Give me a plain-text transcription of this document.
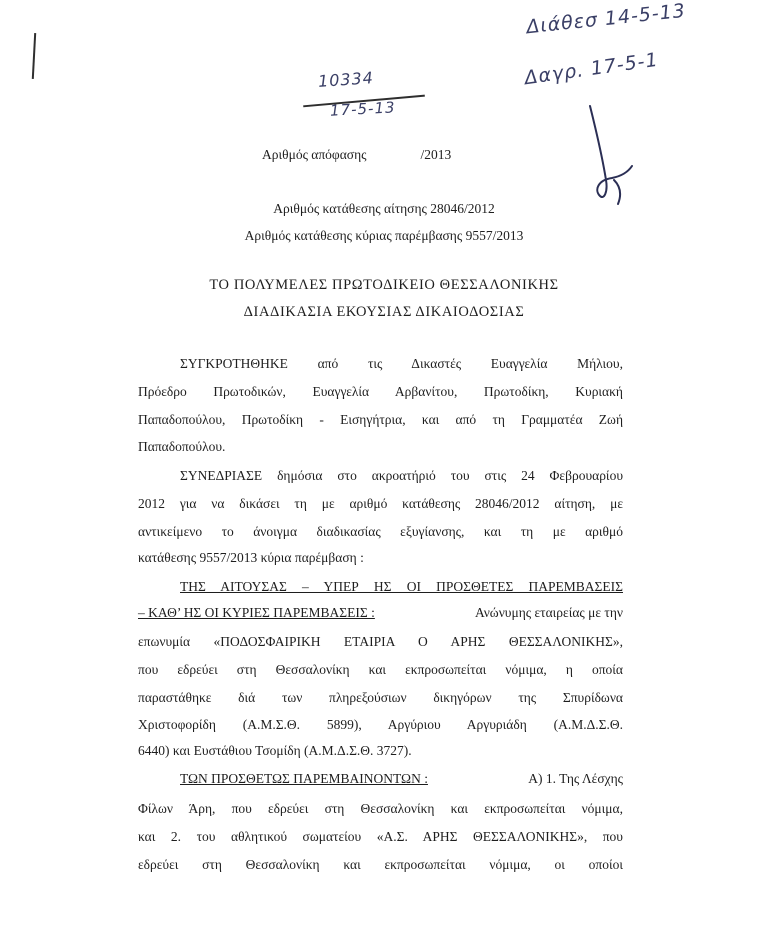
10334
17-5-13
Διάθεσ 14-5-13
Δαγρ. 17-5-1
Αριθμός απόφασης                /2013
Αριθμός κατάθεσης αίτησης 28046/2012
Αριθμός κατάθεσης κύριας παρέμβασης 9557/2013
ΤΟ ΠΟΛΥΜΕΛΕΣ ΠΡΩΤΟΔΙΚΕΙΟ ΘΕΣΣΑΛΟΝΙΚΗΣ
ΔΙΑΔΙΚΑΣΙΑ ΕΚΟΥΣΙΑΣ ΔΙΚΑΙΟΔΟΣΙΑΣ
ΣΥΓΚΡΟΤΗΘΗΚΕ από τις Δικαστές Ευαγγελία Μήλιου,
Πρόεδρο Πρωτοδικών, Ευαγγελία Αρβανίτου, Πρωτοδίκη, Κυριακή
Παπαδοπούλου, Πρωτοδίκη - Εισηγήτρια, και από τη Γραμματέα Ζωή
Παπαδοπούλου.
ΣΥΝΕΔΡΙΑΣΕ δημόσια στο ακροατήριό του στις 24 Φεβρουαρίου
2012 για να δικάσει τη με αριθμό κατάθεσης 28046/2012 αίτηση, με
αντικείμενο το άνοιγμα διαδικασίας εξυγίανσης, και τη με αριθμό
κατάθεσης 9557/2013 κύρια παρέμβαση :
ΤΗΣ ΑΙΤΟΥΣΑΣ – ΥΠΕΡ ΗΣ ΟΙ ΠΡΟΣΘΕΤΕΣ ΠΑΡΕΜΒΑΣΕΙΣ
– ΚΑΘ’ ΗΣ ΟΙ ΚΥΡΙΕΣ ΠΑΡΕΜΒΑΣΕΙΣ :	Ανώνυμης εταιρείας με την
επωνυμία «ΠΟΔΟΣΦΑΙΡΙΚΗ ΕΤΑΙΡΙΑ Ο ΑΡΗΣ ΘΕΣΣΑΛΟΝΙΚΗΣ»,
που εδρεύει στη Θεσσαλονίκη και εκπροσωπείται νόμιμα, η οποία
παραστάθηκε διά των πληρεξούσιων δικηγόρων της Σπυρίδωνα
Χριστοφορίδη (Α.Μ.Σ.Θ. 5899), Αργύριου Αργυριάδη (Α.Μ.Δ.Σ.Θ.
6440) και Ευστάθιου Τσομίδη (Α.Μ.Δ.Σ.Θ. 3727).
ΤΩΝ ΠΡΟΣΘΕΤΩΣ ΠΑΡΕΜΒΑΙΝΟΝΤΩΝ :	Α) 1. Της Λέσχης
Φίλων Άρη, που εδρεύει στη Θεσσαλονίκη και εκπροσωπείται νόμιμα,
και 2. του αθλητικού σωματείου «Α.Σ. ΑΡΗΣ ΘΕΣΣΑΛΟΝΙΚΗΣ», που
εδρεύει στη Θεσσαλονίκη και εκπροσωπείται νόμιμα, οι οποίοι
